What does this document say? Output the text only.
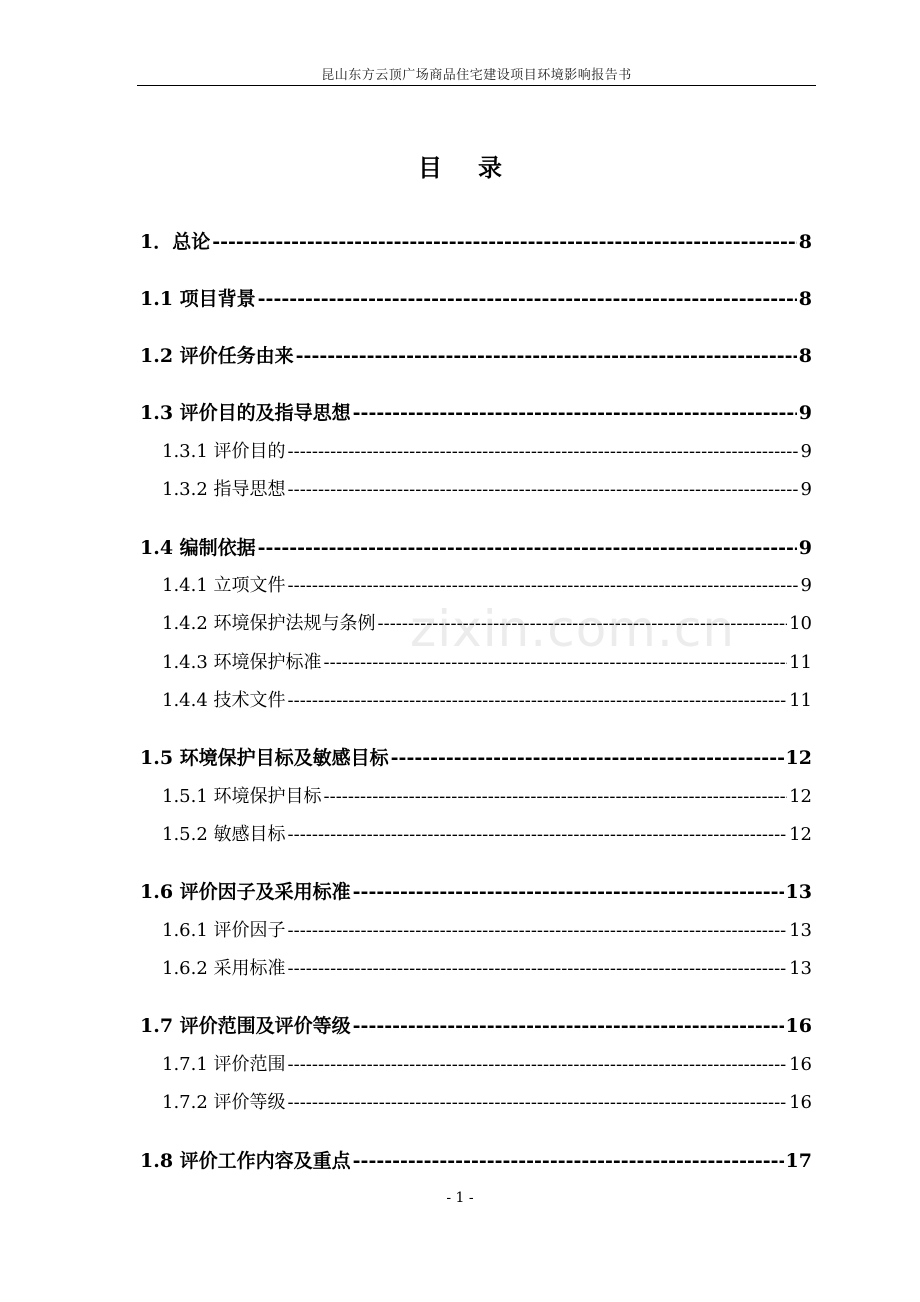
昆山东方云顶广场商品住宅建设项目环境影响报告书
目 录
1．总论 -----	8
1.1 项目背景 -----	8
1.2 评价任务由来 -----	8
1.3 评价目的及指导思想 -----	9
1.3.1 评价目的 -----	9
1.3.2 指导思想 -----	9
1.4 编制依据 -----	9
1.4.1 立项文件 -----	9
1.4.2 环境保护法规与条例 -----	10
1.4.3 环境保护标准 -----	11
1.4.4 技术文件 -----	11
1.5 环境保护目标及敏感目标 -----	12
1.5.1 环境保护目标 -----	12
1.5.2 敏感目标 -----	12
1.6 评价因子及采用标准 -----	13
1.6.1 评价因子 -----	13
1.6.2 采用标准 -----	13
1.7 评价范围及评价等级 -----	16
1.7.1 评价范围 -----	16
1.7.2 评价等级 -----	16
1.8 评价工作内容及重点 -----	17
zixin.com.cn
- 1 -
